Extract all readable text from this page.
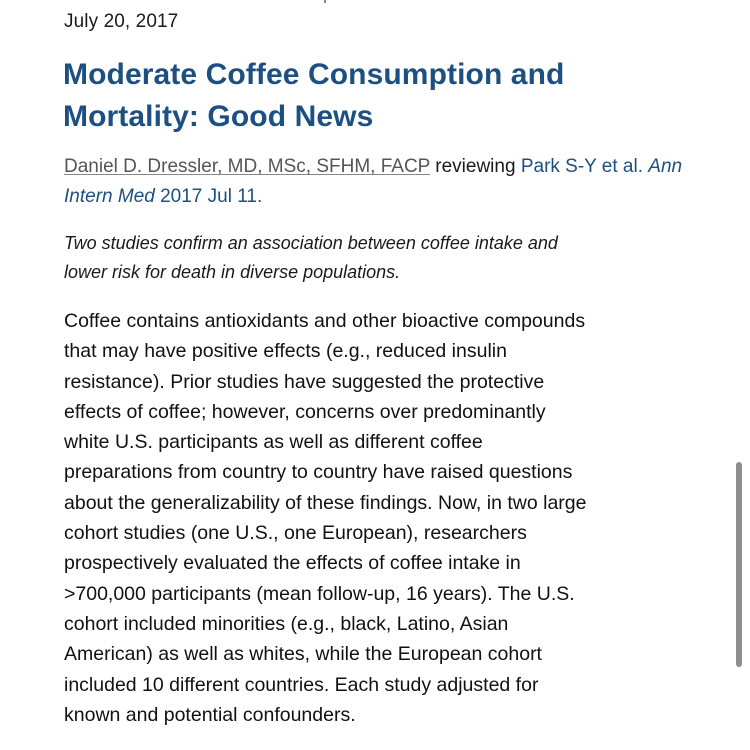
July 20, 2017
Moderate Coffee Consumption and
Mortality: Good News
Daniel D. Dressler, MD, MSc, SFHM, FACP reviewing Park S-Y et al. Ann Intern Med 2017 Jul 11.
Two studies confirm an association between coffee intake and
lower risk for death in diverse populations.
Coffee contains antioxidants and other bioactive compounds
that may have positive effects (e.g., reduced insulin
resistance). Prior studies have suggested the protective
effects of coffee; however, concerns over predominantly
white U.S. participants as well as different coffee
preparations from country to country have raised questions
about the generalizability of these findings. Now, in two large
cohort studies (one U.S., one European), researchers
prospectively evaluated the effects of coffee intake in
>700,000 participants (mean follow-up, 16 years). The U.S.
cohort included minorities (e.g., black, Latino, Asian
American) as well as whites, while the European cohort
included 10 different countries. Each study adjusted for
known and potential confounders.
